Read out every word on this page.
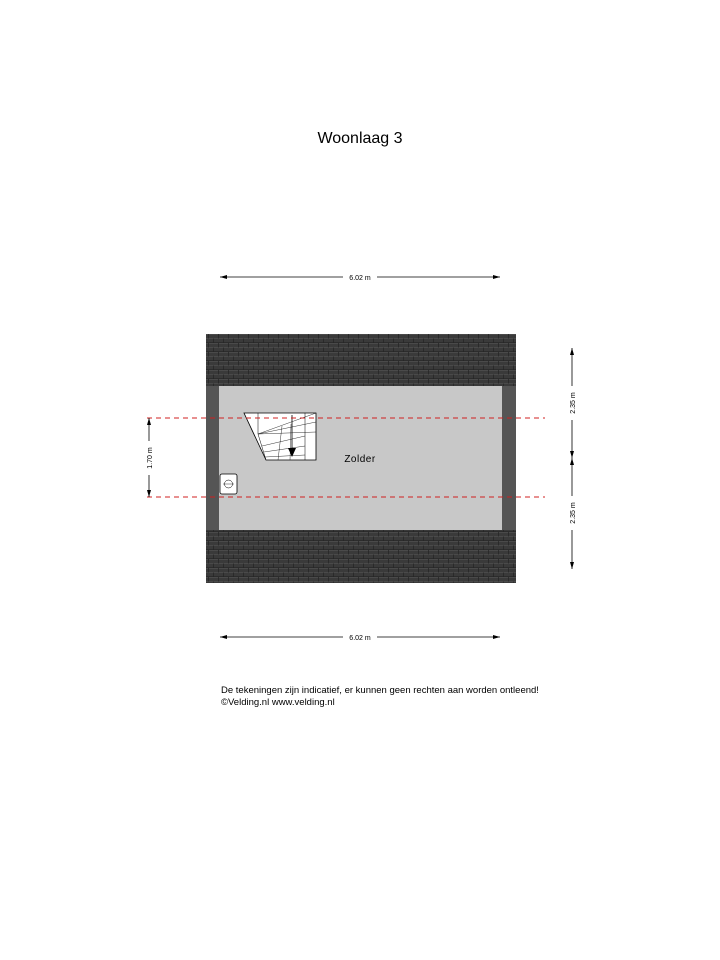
Woonlaag 3
6.02 m
Zolder
1.70 m
2.35 m
2.35 m
6.02 m
De tekeningen zijn indicatief, er kunnen geen rechten aan worden ontleend!
©Velding.nl www.velding.nl
